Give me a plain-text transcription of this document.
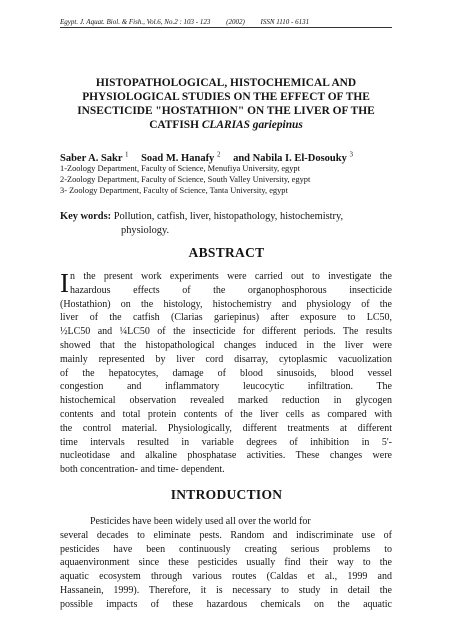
Egypt. J. Aquat. Biol. & Fish., Vol.6, No.2 : 103 - 123 (2002) ISSN 1110 - 6131
HISTOPATHOLOGICAL, HISTOCHEMICAL AND
PHYSIOLOGICAL STUDIES ON THE EFFECT OF THE
INSECTICIDE "HOSTATHION" ON THE LIVER OF THE
CATFISH CLARIAS gariepinus
Saber A. Sakr $^1$ Soad M. Hanafy $^2$ and Nabila I. El-Dosouky $^3$
1-Zoology Department, Faculty of Science, Menufiya University, egypt
2-Zoology Department, Faculty of Science, South Valley University, egypt
3- Zoology Department, Faculty of Science, Tanta University, egypt
Key words: Pollution, catfish, liver, histopathology, histochemistry,
physiology.
ABSTRACT
I n the present work experiments were carried out to investigate the
hazardous effects of the organophosphorous insecticide
(Hostathion) on the histology, histochemistry and physiology of the
liver of the catfish (Clarias gariepinus) after exposure to LC50,
½LC50 and ¼LC50 of the insecticide for different periods. The results
showed that the histopathological changes induced in the liver were
mainly represented by liver cord disarray, cytoplasmic vacuolization
of the hepatocytes, damage of blood sinusoids, blood vessel
congestion and inflammatory leucocytic infiltration. The
histochemical observation revealed marked reduction in glycogen
contents and total protein contents of the liver cells as compared with
the control material. Physiologically, different treatments at different
time intervals resulted in variable degrees of inhibition in 5'-
nucleotidase and alkaline phosphatase activities. These changes were
both concentration- and time- dependent.
INTRODUCTION
Pesticides have been widely used all over the world for
several decades to eliminate pests. Random and indiscriminate use of
pesticides have been continuously creating serious problems to
aquaenvironment since these pesticides usually find their way to the
aquatic ecosystem through various routes (Caldas et al., 1999 and
Hassanein, 1999). Therefore, it is necessary to study in detail the
possible impacts of these hazardous chemicals on the aquatic
